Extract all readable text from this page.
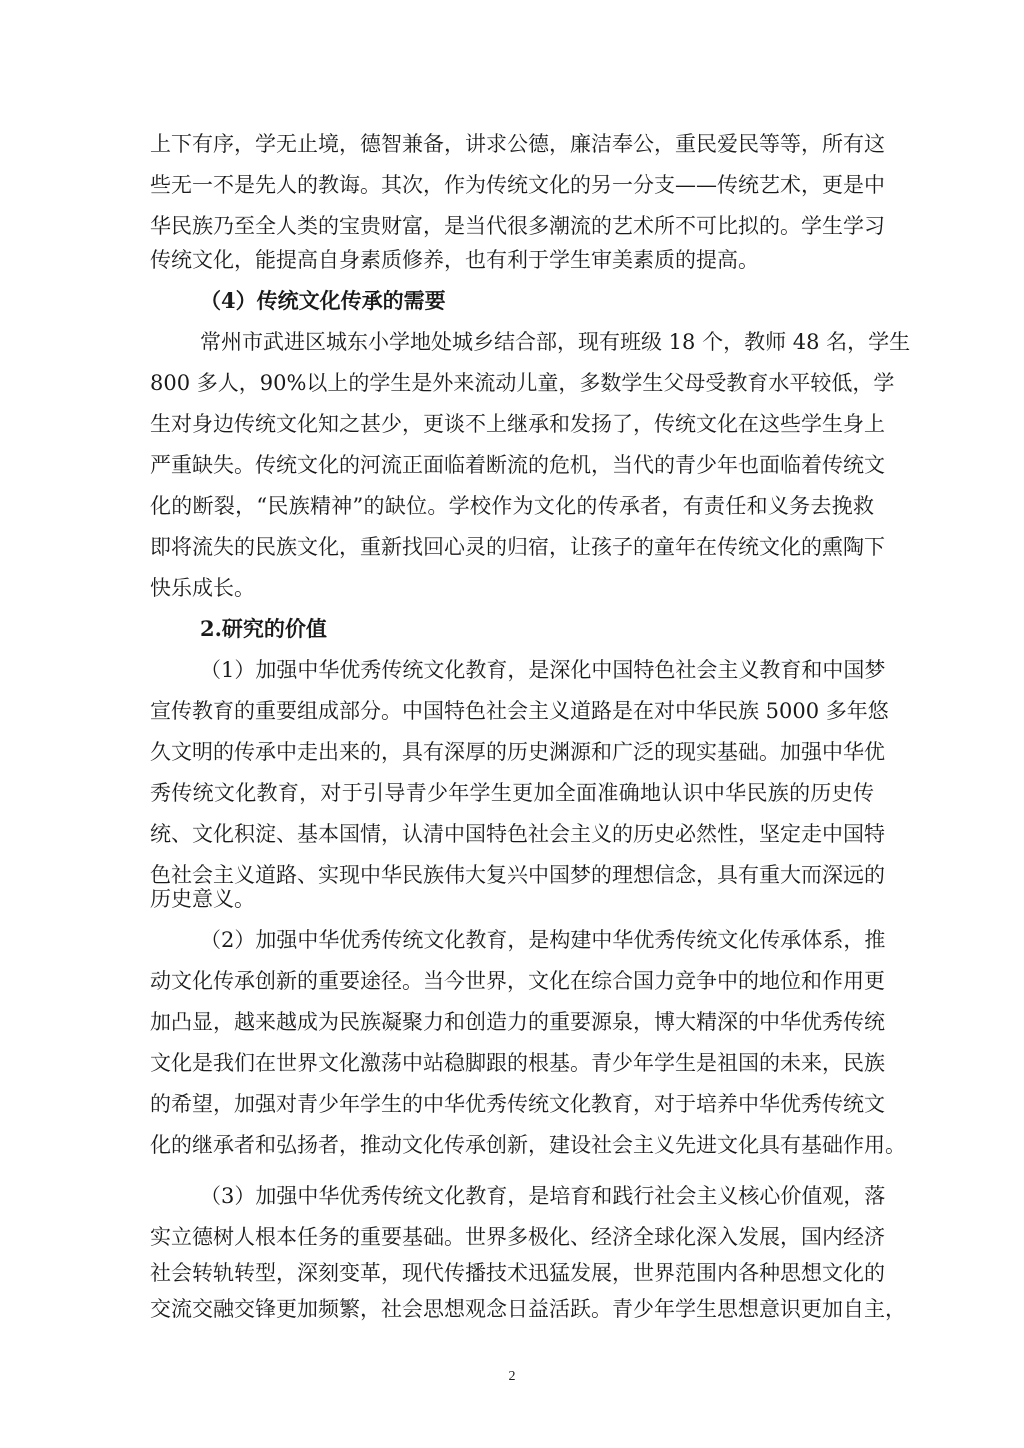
上下有序，学无止境，德智兼备，讲求公德，廉洁奉公，重民爱民等等，所有这
些无一不是先人的教诲。其次，作为传统文化的另一分支——传统艺术，更是中
华民族乃至全人类的宝贵财富，是当代很多潮流的艺术所不可比拟的。学生学习
传统文化，能提高自身素质修养，也有利于学生审美素质的提高。
（4）传统文化传承的需要
常州市武进区城东小学地处城乡结合部，现有班级 18 个，教师 48 名，学生
800 多人，90%以上的学生是外来流动儿童，多数学生父母受教育水平较低，学
生对身边传统文化知之甚少，更谈不上继承和发扬了，传统文化在这些学生身上
严重缺失。传统文化的河流正面临着断流的危机，当代的青少年也面临着传统文
化的断裂，“民族精神”的缺位。学校作为文化的传承者，有责任和义务去挽救
即将流失的民族文化，重新找回心灵的归宿，让孩子的童年在传统文化的熏陶下
快乐成长。
2.研究的价值
（1）加强中华优秀传统文化教育，是深化中国特色社会主义教育和中国梦
宣传教育的重要组成部分。中国特色社会主义道路是在对中华民族 5000 多年悠
久文明的传承中走出来的，具有深厚的历史渊源和广泛的现实基础。加强中华优
秀传统文化教育，对于引导青少年学生更加全面准确地认识中华民族的历史传
统、文化积淀、基本国情，认清中国特色社会主义的历史必然性，坚定走中国特
色社会主义道路、实现中华民族伟大复兴中国梦的理想信念，具有重大而深远的
历史意义。
（2）加强中华优秀传统文化教育，是构建中华优秀传统文化传承体系，推
动文化传承创新的重要途径。当今世界，文化在综合国力竞争中的地位和作用更
加凸显，越来越成为民族凝聚力和创造力的重要源泉，博大精深的中华优秀传统
文化是我们在世界文化激荡中站稳脚跟的根基。青少年学生是祖国的未来，民族
的希望，加强对青少年学生的中华优秀传统文化教育，对于培养中华优秀传统文
化的继承者和弘扬者，推动文化传承创新，建设社会主义先进文化具有基础作用。
（3）加强中华优秀传统文化教育，是培育和践行社会主义核心价值观，落
实立德树人根本任务的重要基础。世界多极化、经济全球化深入发展，国内经济
社会转轨转型，深刻变革，现代传播技术迅猛发展，世界范围内各种思想文化的
交流交融交锋更加频繁，社会思想观念日益活跃。青少年学生思想意识更加自主，
2
